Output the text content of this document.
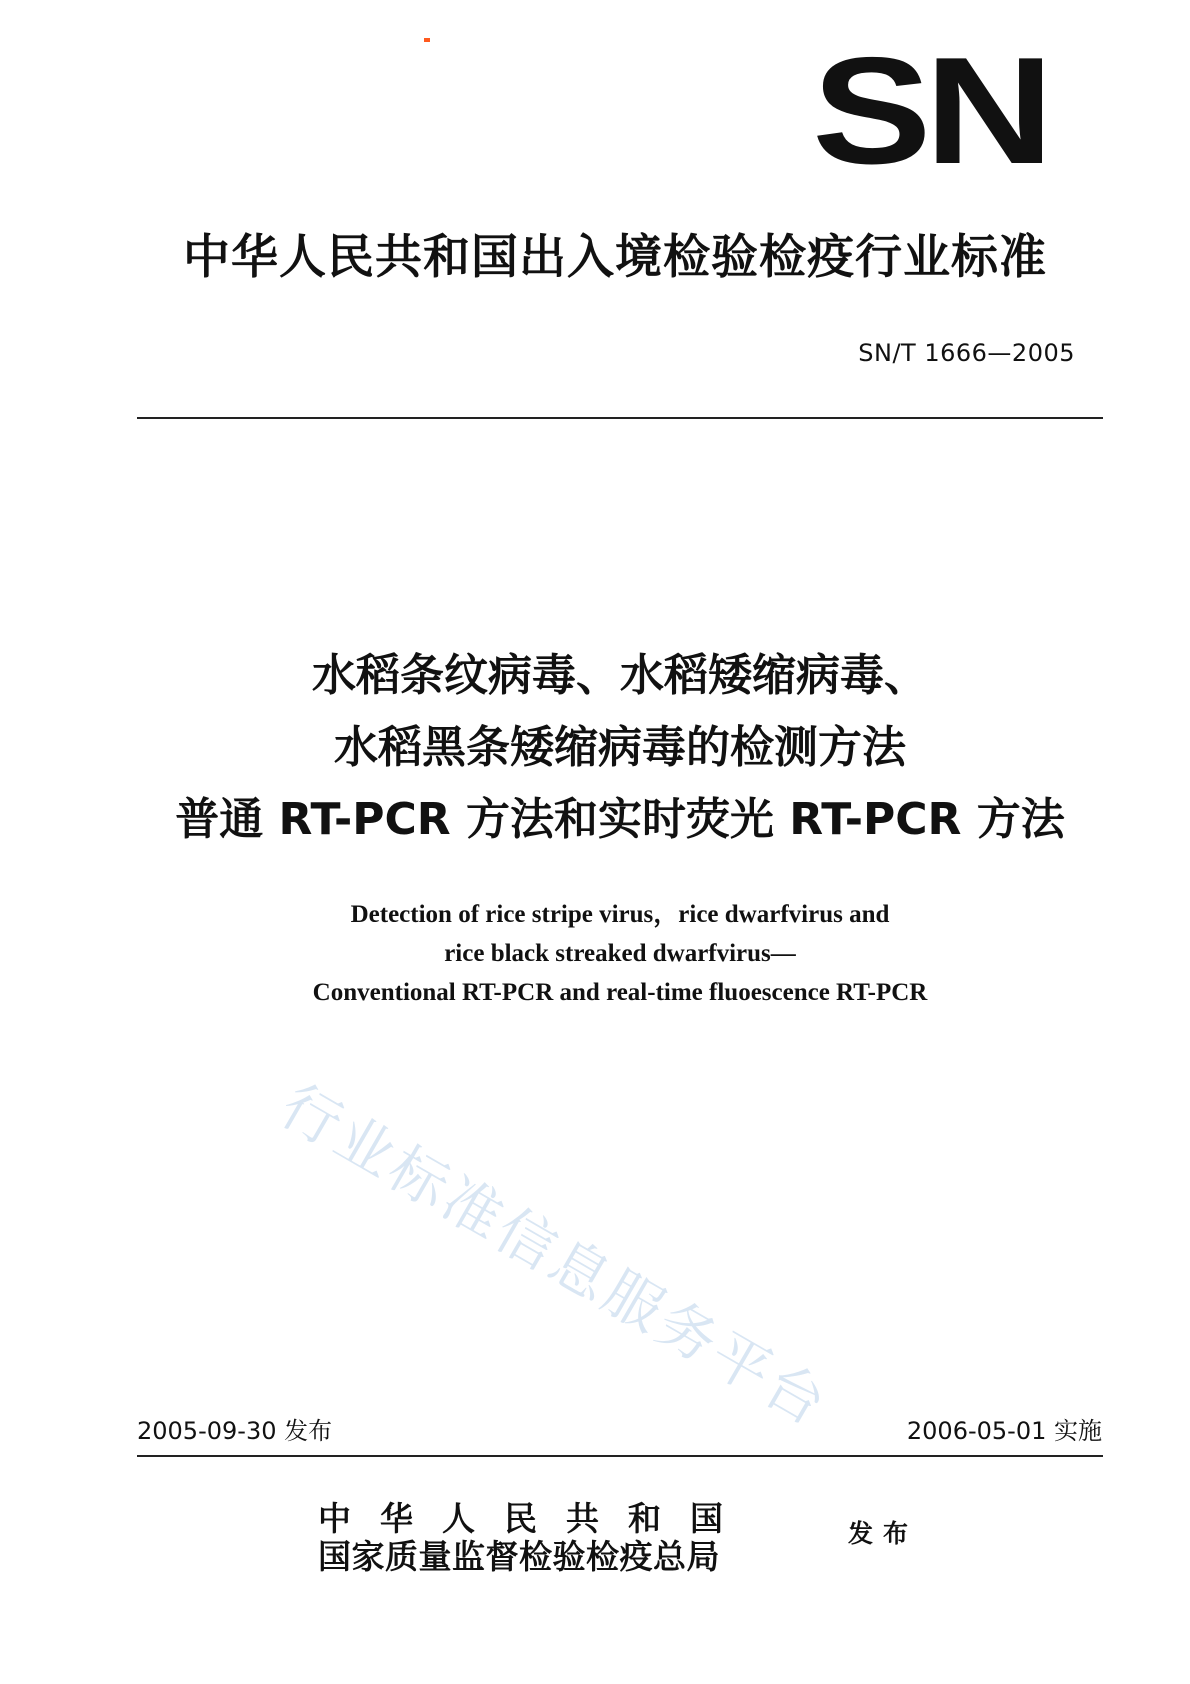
SN
中华人民共和国出入境检验检疫行业标准
SN/T 1666—2005
水稻条纹病毒、水稻矮缩病毒、
水稻黑条矮缩病毒的检测方法
普通 RT-PCR 方法和实时荧光 RT-PCR 方法
Detection of rice stripe virus，rice dwarfvirus and
rice black streaked dwarfvirus—
Conventional RT-PCR and real-time fluoescence RT-PCR
行业标准信息服务平台
2005-09-30 发布	2006-05-01 实施
中华人民共和国
国家质量监督检验检疫总局
发布
